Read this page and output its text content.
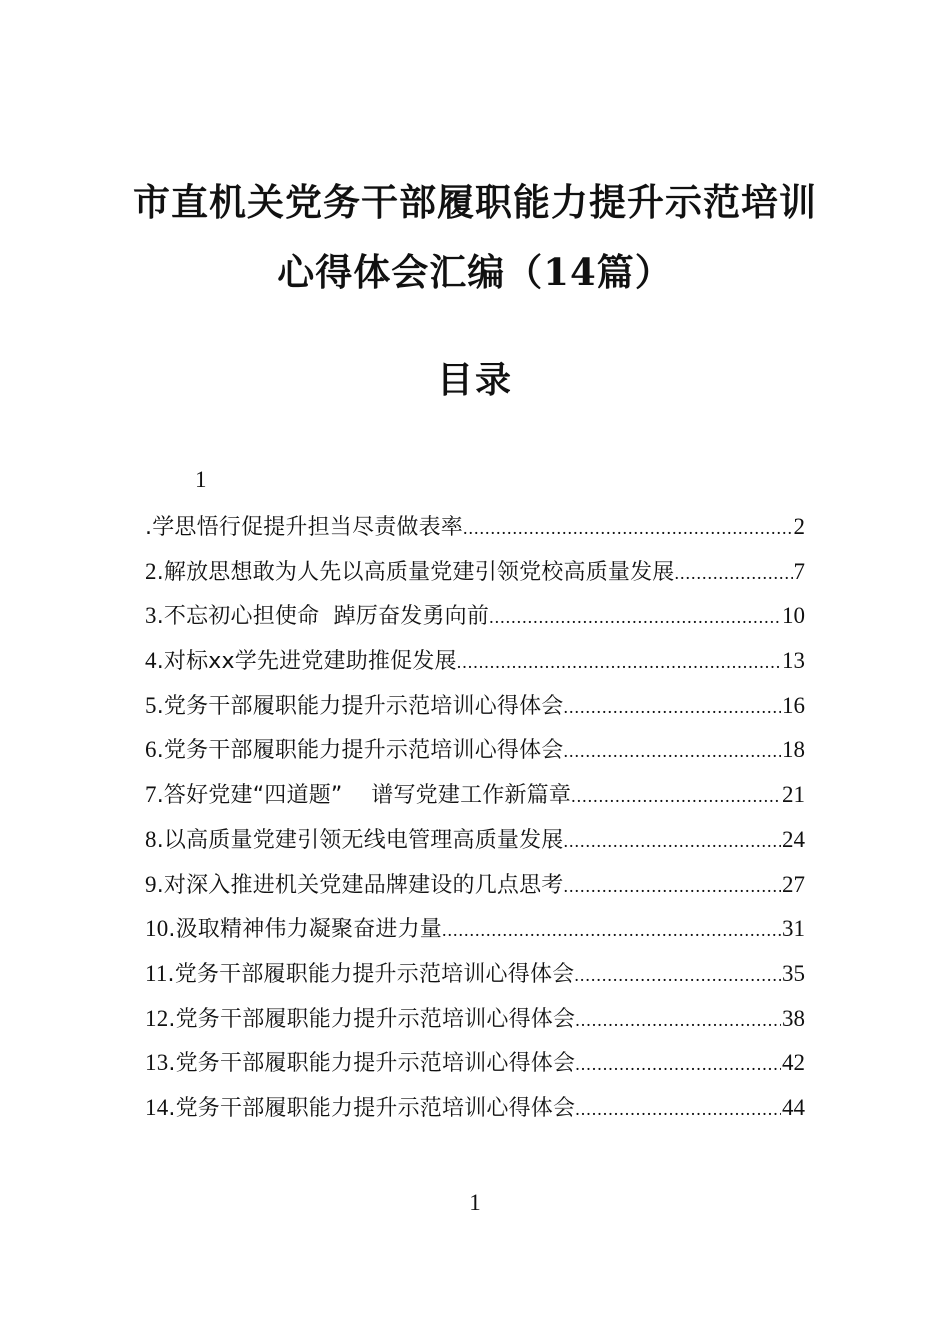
市直机关党务干部履职能力提升示范培训
心得体会汇编（14篇）
目录
1
.学思悟行促提升担当尽责做表率 .....	2
2.解放思想敢为人先以高质量党建引领党校高质量发展 .....	7
3.不忘初心担使命  踔厉奋发勇向前 .....	10
4.对标xx学先进党建助推促发展 .....	13
5.党务干部履职能力提升示范培训心得体会 .....	16
6.党务干部履职能力提升示范培训心得体会 .....	18
7.答好党建“四道题”    谱写党建工作新篇章 .....	21
8.以高质量党建引领无线电管理高质量发展 .....	24
9.对深入推进机关党建品牌建设的几点思考 .....	27
10.汲取精神伟力凝聚奋进力量 .....	31
11.党务干部履职能力提升示范培训心得体会 .....	35
12.党务干部履职能力提升示范培训心得体会 .....	38
13.党务干部履职能力提升示范培训心得体会 .....	42
14.党务干部履职能力提升示范培训心得体会 .....	44
1
